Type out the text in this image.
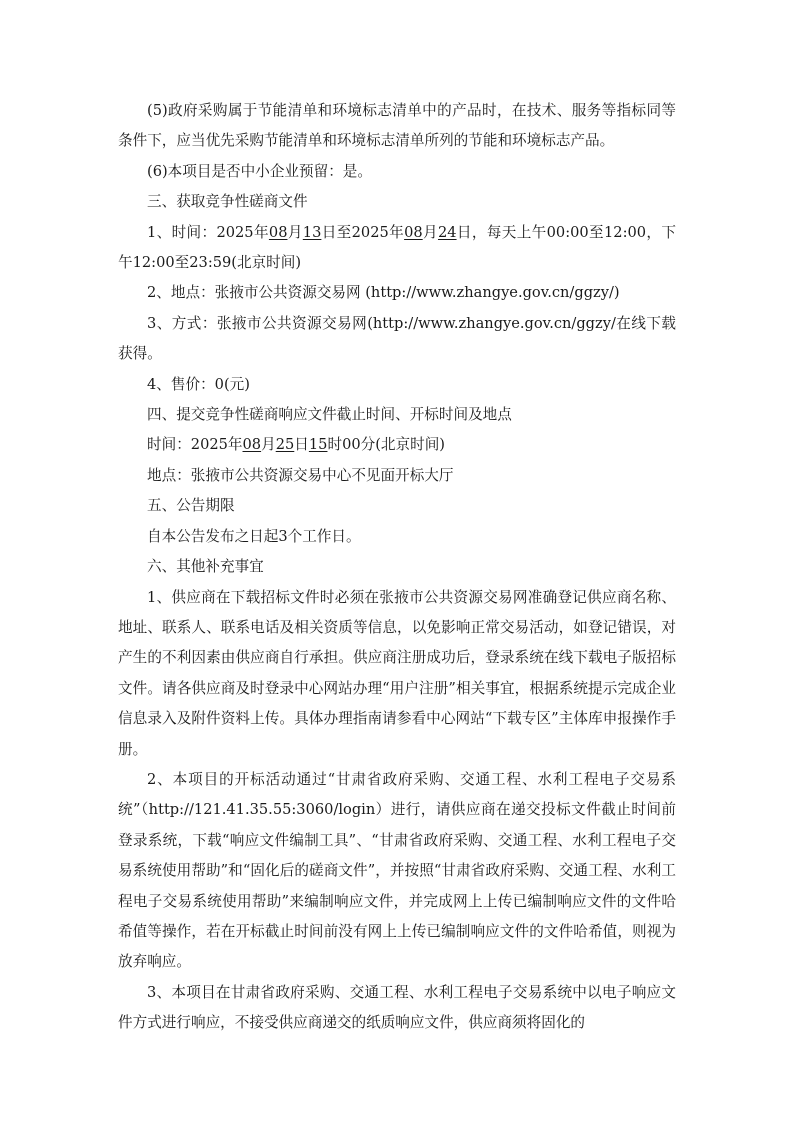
(5)政府采购属于节能清单和环境标志清单中的产品时，在技术、服务等指标同等条件下，应当优先采购节能清单和环境标志清单所列的节能和环境标志产品。

(6)本项目是否中小企业预留：是。

三、获取竞争性磋商文件

1、时间：2025年08月13日至2025年08月24日，每天上午00:00至12:00，下午12:00至23:59(北京时间)

2、地点：张掖市公共资源交易网 (http://www.zhangye.gov.cn/ggzy/)

3、方式：张掖市公共资源交易网(http://www.zhangye.gov.cn/ggzy/在线下载获得。

4、售价：0(元)

四、提交竞争性磋商响应文件截止时间、开标时间及地点

时间：2025年08月25日15时00分(北京时间)

地点：张掖市公共资源交易中心不见面开标大厅

五、公告期限

自本公告发布之日起3个工作日。

六、其他补充事宜

1、供应商在下载招标文件时必须在张掖市公共资源交易网准确登记供应商名称、地址、联系人、联系电话及相关资质等信息，以免影响正常交易活动，如登记错误，对产生的不利因素由供应商自行承担。供应商注册成功后，登录系统在线下载电子版招标文件。请各供应商及时登录中心网站办理“用户注册”相关事宜，根据系统提示完成企业信息录入及附件资料上传。具体办理指南请参看中心网站“下载专区”主体库申报操作手册。

2、本项目的开标活动通过“甘肃省政府采购、交通工程、水利工程电子交易系统”（http://121.41.35.55:3060/login）进行，请供应商在递交投标文件截止时间前登录系统，下载“响应文件编制工具”、“甘肃省政府采购、交通工程、水利工程电子交易系统使用帮助”和“固化后的磋商文件”，并按照“甘肃省政府采购、交通工程、水利工程电子交易系统使用帮助”来编制响应文件，并完成网上上传已编制响应文件的文件哈希值等操作，若在开标截止时间前没有网上上传已编制响应文件的文件哈希值，则视为放弃响应。

3、本项目在甘肃省政府采购、交通工程、水利工程电子交易系统中以电子响应文件方式进行响应，不接受供应商递交的纸质响应文件，供应商须将固化的
